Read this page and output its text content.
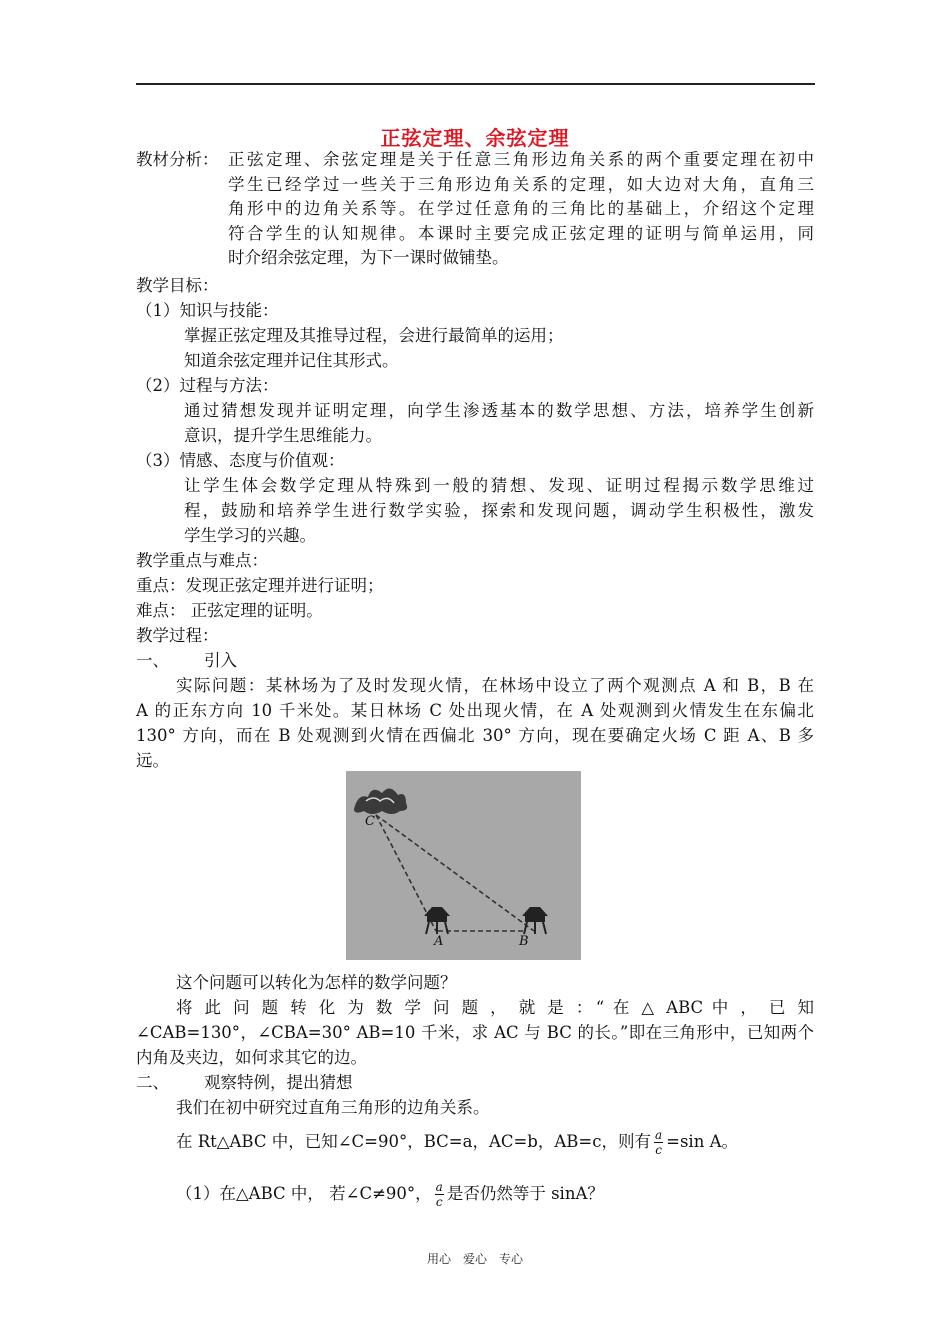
正弦定理、余弦定理
教材分析： 正弦定理、余弦定理是关于任意三角形边角关系的两个重要定理在初中
学生已经学过一些关于三角形边角关系的定理，如大边对大角，直角三
角形中的边角关系等。在学过任意角的三角比的基础上，介绍这个定理
符合学生的认知规律。本课时主要完成正弦定理的证明与简单运用，同
时介绍余弦定理，为下一课时做铺垫。
教学目标：
（1）知识与技能：
掌握正弦定理及其推导过程，会进行最简单的运用；
知道余弦定理并记住其形式。
（2）过程与方法：
通过猜想发现并证明定理，向学生渗透基本的数学思想、方法，培养学生创新
意识，提升学生思维能力。
（3）情感、态度与价值观：
让学生体会数学定理从特殊到一般的猜想、发现、证明过程揭示数学思维过
程，鼓励和培养学生进行数学实验，探索和发现问题，调动学生积极性，激发
学生学习的兴趣。
教学重点与难点：
重点：发现正弦定理并进行证明；
难点： 正弦定理的证明。
教学过程：
一、 引入
实际问题：某林场为了及时发现火情，在林场中设立了两个观测点 A 和 B，B 在
A 的正东方向 10 千米处。某日林场 C 处出现火情，在 A 处观测到火情发生在东偏北
130° 方向，而在 B 处观测到火情在西偏北 30° 方向，现在要确定火场 C 距 A、B 多
远。
C
A	B
这个问题可以转化为怎样的数学问题？
将 此 问 题 转 化 为 数 学 问 题 ， 就 是 ：“ 在 △ ABC 中 ， 已 知
∠CAB=130°，∠CBA=30° AB=10 千米，求 AC 与 BC 的长。”即在三角形中，已知两个
内角及夹边，如何求其它的边。
二、 观察特例，提出猜想
我们在初中研究过直角三角形的边角关系。
在 Rt△ABC 中，已知∠C=90°，BC=a，AC=b，AB=c，则有 $\frac{a}{c} =\sin$ A。
（1）在△ABC 中， 若∠C≠90°， $\frac{a}{c}$ 是否仍然等于 sinA？
用心　爱心　专心
